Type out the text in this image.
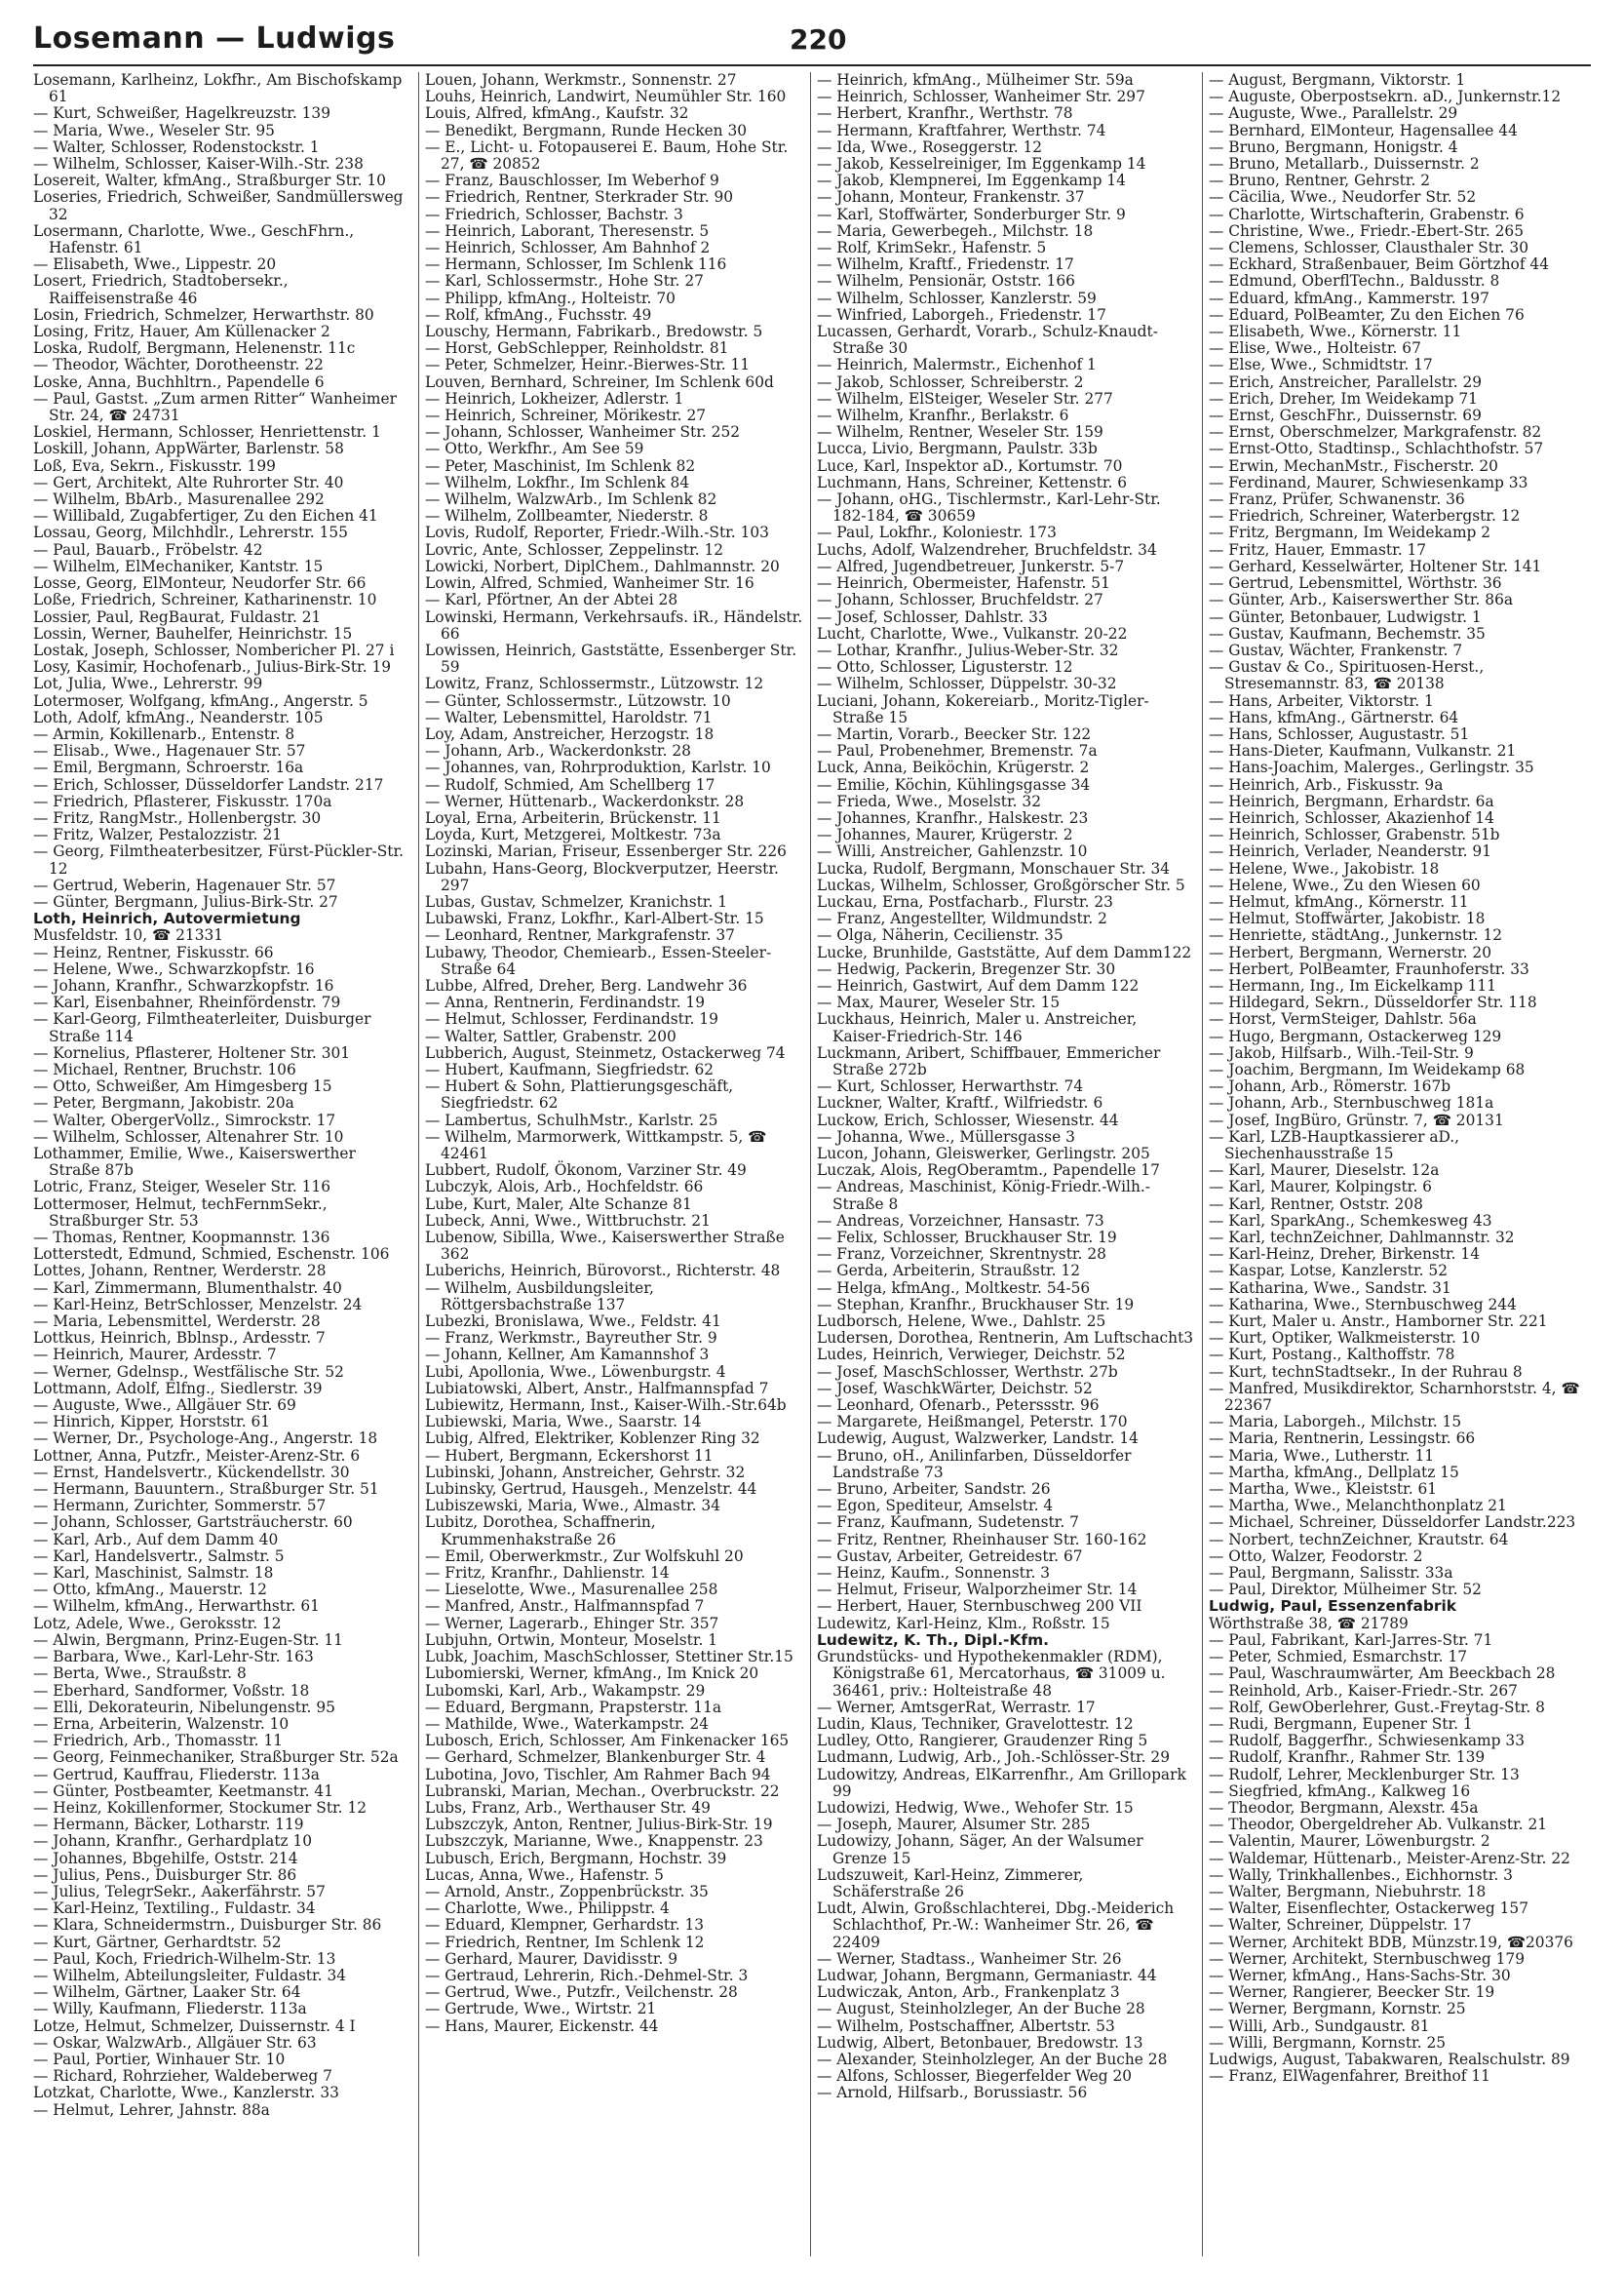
Losemann — Ludwigs	220
Losemann, Karlheinz, Lokfhr., Am Bischofskamp 61
— Kurt, Schweißer, Hagelkreuzstr. 139
— Maria, Wwe., Weseler Str. 95
— Walter, Schlosser, Rodenstockstr. 1
— Wilhelm, Schlosser, Kaiser-Wilh.-Str. 238
Losereit, Walter, kfmAng., Straßburger Str. 10
Loseries, Friedrich, Schweißer, Sandmüllersweg 32
Losermann, Charlotte, Wwe., GeschFhrn., Hafenstr. 61
— Elisabeth, Wwe., Lippestr. 20
Losert, Friedrich, Stadtobersekr., Raiffeisenstraße 46
Losin, Friedrich, Schmelzer, Herwarthstr. 80
Losing, Fritz, Hauer, Am Küllenacker 2
Loska, Rudolf, Bergmann, Helenenstr. 11c
— Theodor, Wächter, Dorotheenstr. 22
Loske, Anna, Buchhltrn., Papendelle 6
— Paul, Gastst. „Zum armen Ritter“ Wanheimer Str. 24, ☎ 24731
Loskiel, Hermann, Schlosser, Henriettenstr. 1
Loskill, Johann, AppWärter, Barlenstr. 58
Loß, Eva, Sekrn., Fiskusstr. 199
— Gert, Architekt, Alte Ruhrorter Str. 40
— Wilhelm, BbArb., Masurenallee 292
— Willibald, Zugabfertiger, Zu den Eichen 41
Lossau, Georg, Milchhdlr., Lehrerstr. 155
— Paul, Bauarb., Fröbelstr. 42
— Wilhelm, ElMechaniker, Kantstr. 15
Losse, Georg, ElMonteur, Neudorfer Str. 66
Loße, Friedrich, Schreiner, Katharinenstr. 10
Lossier, Paul, RegBaurat, Fuldastr. 21
Lossin, Werner, Bauhelfer, Heinrichstr. 15
Lostak, Joseph, Schlosser, Nombericher Pl. 27 i
Losy, Kasimir, Hochofenarb., Julius-Birk-Str. 19
Lot, Julia, Wwe., Lehrerstr. 99
Lotermoser, Wolfgang, kfmAng., Angerstr. 5
Loth, Adolf, kfmAng., Neanderstr. 105
— Armin, Kokillenarb., Entenstr. 8
— Elisab., Wwe., Hagenauer Str. 57
— Emil, Bergmann, Schroerstr. 16a
— Erich, Schlosser, Düsseldorfer Landstr. 217
— Friedrich, Pflasterer, Fiskusstr. 170a
— Fritz, RangMstr., Hollenbergstr. 30
— Fritz, Walzer, Pestalozzistr. 21
— Georg, Filmtheaterbesitzer, Fürst-Pückler-Str. 12
— Gertrud, Weberin, Hagenauer Str. 57
— Günter, Bergmann, Julius-Birk-Str. 27
Loth, Heinrich, Autovermietung
Musfeldstr. 10, ☎ 21331
— Heinz, Rentner, Fiskusstr. 66
— Helene, Wwe., Schwarzkopfstr. 16
— Johann, Kranfhr., Schwarzkopfstr. 16
— Karl, Eisenbahner, Rheinfördenstr. 79
— Karl-Georg, Filmtheaterleiter, Duisburger Straße 114
— Kornelius, Pflasterer, Holtener Str. 301
— Michael, Rentner, Bruchstr. 106
— Otto, Schweißer, Am Himgesberg 15
— Peter, Bergmann, Jakobistr. 20a
— Walter, ObergerVollz., Simrockstr. 17
— Wilhelm, Schlosser, Altenahrer Str. 10
Lothammer, Emilie, Wwe., Kaiserswerther Straße 87b
Lotric, Franz, Steiger, Weseler Str. 116
Lottermoser, Helmut, techFernmSekr., Straßburger Str. 53
— Thomas, Rentner, Koopmannstr. 136
Lotterstedt, Edmund, Schmied, Eschenstr. 106
Lottes, Johann, Rentner, Werderstr. 28
— Karl, Zimmermann, Blumenthalstr. 40
— Karl-Heinz, BetrSchlosser, Menzelstr. 24
— Maria, Lebensmittel, Werderstr. 28
Lottkus, Heinrich, Bblnsp., Ardesstr. 7
— Heinrich, Maurer, Ardesstr. 7
— Werner, Gdelnsp., Westfälische Str. 52
Lottmann, Adolf, Elfng., Siedlerstr. 39
— Auguste, Wwe., Allgäuer Str. 69
— Hinrich, Kipper, Horststr. 61
— Werner, Dr., Psychologe-Ang., Angerstr. 18
Lottner, Anna, Putzfr., Meister-Arenz-Str. 6
— Ernst, Handelsvertr., Kückendellstr. 30
— Hermann, Bauuntern., Straßburger Str. 51
— Hermann, Zurichter, Sommerstr. 57
— Johann, Schlosser, Gartsträucherstr. 60
— Karl, Arb., Auf dem Damm 40
— Karl, Handelsvertr., Salmstr. 5
— Karl, Maschinist, Salmstr. 18
— Otto, kfmAng., Mauerstr. 12
— Wilhelm, kfmAng., Herwarthstr. 61
Lotz, Adele, Wwe., Geroksstr. 12
— Alwin, Bergmann, Prinz-Eugen-Str. 11
— Barbara, Wwe., Karl-Lehr-Str. 163
— Berta, Wwe., Straußstr. 8
— Eberhard, Sandformer, Voßstr. 18
— Elli, Dekorateurin, Nibelungenstr. 95
— Erna, Arbeiterin, Walzenstr. 10
— Friedrich, Arb., Thomasstr. 11
— Georg, Feinmechaniker, Straßburger Str. 52a
— Gertrud, Kauffrau, Fliederstr. 113a
— Günter, Postbeamter, Keetmanstr. 41
— Heinz, Kokillenformer, Stockumer Str. 12
— Hermann, Bäcker, Lotharstr. 119
— Johann, Kranfhr., Gerhardplatz 10
— Johannes, Bbgehilfe, Oststr. 214
— Julius, Pens., Duisburger Str. 86
— Julius, TelegrSekr., Aakerfährstr. 57
— Karl-Heinz, Textiling., Fuldastr. 34
— Klara, Schneidermstrn., Duisburger Str. 86
— Kurt, Gärtner, Gerhardtstr. 52
— Paul, Koch, Friedrich-Wilhelm-Str. 13
— Wilhelm, Abteilungsleiter, Fuldastr. 34
— Wilhelm, Gärtner, Laaker Str. 64
— Willy, Kaufmann, Fliederstr. 113a
Lotze, Helmut, Schmelzer, Duissernstr. 4 I
— Oskar, WalzwArb., Allgäuer Str. 63
— Paul, Portier, Winhauer Str. 10
— Richard, Rohrzieher, Waldeberweg 7
Lotzkat, Charlotte, Wwe., Kanzlerstr. 33
— Helmut, Lehrer, Jahnstr. 88a
Louen, Johann, Werkmstr., Sonnenstr. 27
Louhs, Heinrich, Landwirt, Neumühler Str. 160
Louis, Alfred, kfmAng., Kaufstr. 32
— Benedikt, Bergmann, Runde Hecken 30
— E., Licht- u. Fotopauserei E. Baum, Hohe Str. 27, ☎ 20852
— Franz, Bauschlosser, Im Weberhof 9
— Friedrich, Rentner, Sterkrader Str. 90
— Friedrich, Schlosser, Bachstr. 3
— Heinrich, Laborant, Theresenstr. 5
— Heinrich, Schlosser, Am Bahnhof 2
— Hermann, Schlosser, Im Schlenk 116
— Karl, Schlossermstr., Hohe Str. 27
— Philipp, kfmAng., Holteistr. 70
— Rolf, kfmAng., Fuchsstr. 49
Louschy, Hermann, Fabrikarb., Bredowstr. 5
— Horst, GebSchlepper, Reinholdstr. 81
— Peter, Schmelzer, Heinr.-Bierwes-Str. 11
Louven, Bernhard, Schreiner, Im Schlenk 60d
— Heinrich, Lokheizer, Adlerstr. 1
— Heinrich, Schreiner, Mörikestr. 27
— Johann, Schlosser, Wanheimer Str. 252
— Otto, Werkfhr., Am See 59
— Peter, Maschinist, Im Schlenk 82
— Wilhelm, Lokfhr., Im Schlenk 84
— Wilhelm, WalzwArb., Im Schlenk 82
— Wilhelm, Zollbeamter, Niederstr. 8
Lovis, Rudolf, Reporter, Friedr.-Wilh.-Str. 103
Lovric, Ante, Schlosser, Zeppelinstr. 12
Lowicki, Norbert, DiplChem., Dahlmannstr. 20
Lowin, Alfred, Schmied, Wanheimer Str. 16
— Karl, Pförtner, An der Abtei 28
Lowinski, Hermann, Verkehrsaufs. iR., Händelstr. 66
Lowissen, Heinrich, Gaststätte, Essenberger Str. 59
Lowitz, Franz, Schlossermstr., Lützowstr. 12
— Günter, Schlossermstr., Lützowstr. 10
— Walter, Lebensmittel, Haroldstr. 71
Loy, Adam, Anstreicher, Herzogstr. 18
— Johann, Arb., Wackerdonkstr. 28
— Johannes, van, Rohrproduktion, Karlstr. 10
— Rudolf, Schmied, Am Schellberg 17
— Werner, Hüttenarb., Wackerdonkstr. 28
Loyal, Erna, Arbeiterin, Brückenstr. 11
Loyda, Kurt, Metzgerei, Moltkestr. 73a
Lozinski, Marian, Friseur, Essenberger Str. 226
Lubahn, Hans-Georg, Blockverputzer, Heerstr. 297
Lubas, Gustav, Schmelzer, Kranichstr. 1
Lubawski, Franz, Lokfhr., Karl-Albert-Str. 15
— Leonhard, Rentner, Markgrafenstr. 37
Lubawy, Theodor, Chemiearb., Essen-Steeler-Straße 64
Lubbe, Alfred, Dreher, Berg. Landwehr 36
— Anna, Rentnerin, Ferdinandstr. 19
— Helmut, Schlosser, Ferdinandstr. 19
— Walter, Sattler, Grabenstr. 200
Lubberich, August, Steinmetz, Ostackerweg 74
— Hubert, Kaufmann, Siegfriedstr. 62
— Hubert & Sohn, Plattierungsgeschäft, Siegfriedstr. 62
— Lambertus, SchulhMstr., Karlstr. 25
— Wilhelm, Marmorwerk, Wittkampstr. 5, ☎ 42461
Lubbert, Rudolf, Ökonom, Varziner Str. 49
Lubczyk, Alois, Arb., Hochfeldstr. 66
Lube, Kurt, Maler, Alte Schanze 81
Lubeck, Anni, Wwe., Wittbruchstr. 21
Lubenow, Sibilla, Wwe., Kaiserswerther Straße 362
Luberichs, Heinrich, Bürovorst., Richterstr. 48
— Wilhelm, Ausbildungsleiter, Röttgersbachstraße 137
Lubezki, Bronislawa, Wwe., Feldstr. 41
— Franz, Werkmstr., Bayreuther Str. 9
— Johann, Kellner, Am Kamannshof 3
Lubi, Apollonia, Wwe., Löwenburgstr. 4
Lubiatowski, Albert, Anstr., Halfmannspfad 7
Lubiewitz, Hermann, Inst., Kaiser-Wilh.-Str.64b
Lubiewski, Maria, Wwe., Saarstr. 14
Lubig, Alfred, Elektriker, Koblenzer Ring 32
— Hubert, Bergmann, Eckershorst 11
Lubinski, Johann, Anstreicher, Gehrstr. 32
Lubinsky, Gertrud, Hausgeh., Menzelstr. 44
Lubiszewski, Maria, Wwe., Almastr. 34
Lubitz, Dorothea, Schaffnerin, Krummenhakstraße 26
— Emil, Oberwerkmstr., Zur Wolfskuhl 20
— Fritz, Kranfhr., Dahlienstr. 14
— Lieselotte, Wwe., Masurenallee 258
— Manfred, Anstr., Halfmannspfad 7
— Werner, Lagerarb., Ehinger Str. 357
Lubjuhn, Ortwin, Monteur, Moselstr. 1
Lubk, Joachim, MaschSchlosser, Stettiner Str.15
Lubomierski, Werner, kfmAng., Im Knick 20
Lubomski, Karl, Arb., Wakampstr. 29
— Eduard, Bergmann, Prapsterstr. 11a
— Mathilde, Wwe., Waterkampstr. 24
Lubosch, Erich, Schlosser, Am Finkenacker 165
— Gerhard, Schmelzer, Blankenburger Str. 4
Lubotina, Jovo, Tischler, Am Rahmer Bach 94
Lubranski, Marian, Mechan., Overbruckstr. 22
Lubs, Franz, Arb., Werthauser Str. 49
Lubszczyk, Anton, Rentner, Julius-Birk-Str. 19
Lubszczyk, Marianne, Wwe., Knappenstr. 23
Lubusch, Erich, Bergmann, Hochstr. 39
Lucas, Anna, Wwe., Hafenstr. 5
— Arnold, Anstr., Zoppenbrückstr. 35
— Charlotte, Wwe., Philippstr. 4
— Eduard, Klempner, Gerhardstr. 13
— Friedrich, Rentner, Im Schlenk 12
— Gerhard, Maurer, Davidisstr. 9
— Gertraud, Lehrerin, Rich.-Dehmel-Str. 3
— Gertrud, Wwe., Putzfr., Veilchenstr. 28
— Gertrude, Wwe., Wirtstr. 21
— Hans, Maurer, Eickenstr. 44
— Heinrich, kfmAng., Mülheimer Str. 59a
— Heinrich, Schlosser, Wanheimer Str. 297
— Herbert, Kranfhr., Werthstr. 78
— Hermann, Kraftfahrer, Werthstr. 74
— Ida, Wwe., Roseggerstr. 12
— Jakob, Kesselreiniger, Im Eggenkamp 14
— Jakob, Klempnerei, Im Eggenkamp 14
— Johann, Monteur, Frankenstr. 37
— Karl, Stoffwärter, Sonderburger Str. 9
— Maria, Gewerbegeh., Milchstr. 18
— Rolf, KrimSekr., Hafenstr. 5
— Wilhelm, Kraftf., Friedenstr. 17
— Wilhelm, Pensionär, Oststr. 166
— Wilhelm, Schlosser, Kanzlerstr. 59
— Winfried, Laborgeh., Friedenstr. 17
Lucassen, Gerhardt, Vorarb., Schulz-Knaudt-Straße 30
— Heinrich, Malermstr., Eichenhof 1
— Jakob, Schlosser, Schreiberstr. 2
— Wilhelm, ElSteiger, Weseler Str. 277
— Wilhelm, Kranfhr., Berlakstr. 6
— Wilhelm, Rentner, Weseler Str. 159
Lucca, Livio, Bergmann, Paulstr. 33b
Luce, Karl, Inspektor aD., Kortumstr. 70
Luchmann, Hans, Schreiner, Kettenstr. 6
— Johann, oHG., Tischlermstr., Karl-Lehr-Str. 182-184, ☎ 30659
— Paul, Lokfhr., Koloniestr. 173
Luchs, Adolf, Walzendreher, Bruchfeldstr. 34
— Alfred, Jugendbetreuer, Junkerstr. 5-7
— Heinrich, Obermeister, Hafenstr. 51
— Johann, Schlosser, Bruchfeldstr. 27
— Josef, Schlosser, Dahlstr. 33
Lucht, Charlotte, Wwe., Vulkanstr. 20-22
— Lothar, Kranfhr., Julius-Weber-Str. 32
— Otto, Schlosser, Ligusterstr. 12
— Wilhelm, Schlosser, Düppelstr. 30-32
Luciani, Johann, Kokereiarb., Moritz-Tigler-Straße 15
— Martin, Vorarb., Beecker Str. 122
— Paul, Probenehmer, Bremenstr. 7a
Luck, Anna, Beiköchin, Krügerstr. 2
— Emilie, Köchin, Kühlingsgasse 34
— Frieda, Wwe., Moselstr. 32
— Johannes, Kranfhr., Halskestr. 23
— Johannes, Maurer, Krügerstr. 2
— Willi, Anstreicher, Gahlenzstr. 10
Lucka, Rudolf, Bergmann, Monschauer Str. 34
Luckas, Wilhelm, Schlosser, Großgörscher Str. 5
Luckau, Erna, Postfacharb., Flurstr. 23
— Franz, Angestellter, Wildmundstr. 2
— Olga, Näherin, Cecilienstr. 35
Lucke, Brunhilde, Gaststätte, Auf dem Damm122
— Hedwig, Packerin, Bregenzer Str. 30
— Heinrich, Gastwirt, Auf dem Damm 122
— Max, Maurer, Weseler Str. 15
Luckhaus, Heinrich, Maler u. Anstreicher, Kaiser-Friedrich-Str. 146
Luckmann, Aribert, Schiffbauer, Emmericher Straße 272b
— Kurt, Schlosser, Herwarthstr. 74
Luckner, Walter, Kraftf., Wilfriedstr. 6
Luckow, Erich, Schlosser, Wiesenstr. 44
— Johanna, Wwe., Müllersgasse 3
Lucon, Johann, Gleiswerker, Gerlingstr. 205
Luczak, Alois, RegOberamtm., Papendelle 17
— Andreas, Maschinist, König-Friedr.-Wilh.-Straße 8
— Andreas, Vorzeichner, Hansastr. 73
— Felix, Schlosser, Bruckhauser Str. 19
— Franz, Vorzeichner, Skrentnystr. 28
— Gerda, Arbeiterin, Straußstr. 12
— Helga, kfmAng., Moltkestr. 54-56
— Stephan, Kranfhr., Bruckhauser Str. 19
Ludborsch, Helene, Wwe., Dahlstr. 25
Ludersen, Dorothea, Rentnerin, Am Luftschacht3
Ludes, Heinrich, Verwieger, Deichstr. 52
— Josef, MaschSchlosser, Werthstr. 27b
— Josef, WaschkWärter, Deichstr. 52
— Leonhard, Ofenarb., Peterssstr. 96
— Margarete, Heißmangel, Peterstr. 170
Ludewig, August, Walzwerker, Landstr. 14
— Bruno, oH., Anilinfarben, Düsseldorfer Landstraße 73
— Bruno, Arbeiter, Sandstr. 26
— Egon, Spediteur, Amselstr. 4
— Franz, Kaufmann, Sudetenstr. 7
— Fritz, Rentner, Rheinhauser Str. 160-162
— Gustav, Arbeiter, Getreidestr. 67
— Heinz, Kaufm., Sonnenstr. 3
— Helmut, Friseur, Walporzheimer Str. 14
— Herbert, Hauer, Sternbuschweg 200 VII
Ludewitz, Karl-Heinz, Klm., Roßstr. 15
Ludewitz, K. Th., Dipl.-Kfm.
Grundstücks- und Hypothekenmakler (RDM), Königstraße 61, Mercatorhaus, ☎ 31009 u. 36461, priv.: Holteistraße 48
— Werner, AmtsgerRat, Werrastr. 17
Ludin, Klaus, Techniker, Gravelottestr. 12
Ludley, Otto, Rangierer, Graudenzer Ring 5
Ludmann, Ludwig, Arb., Joh.-Schlösser-Str. 29
Ludowitzy, Andreas, ElKarrenfhr., Am Grillopark 99
Ludowizi, Hedwig, Wwe., Wehofer Str. 15
— Joseph, Maurer, Alsumer Str. 285
Ludowizy, Johann, Säger, An der Walsumer Grenze 15
Ludszuweit, Karl-Heinz, Zimmerer, Schäferstraße 26
Ludt, Alwin, Großschlachterei, Dbg.-Meiderich Schlachthof, Pr.-W.: Wanheimer Str. 26, ☎ 22409
— Werner, Stadtass., Wanheimer Str. 26
Ludwar, Johann, Bergmann, Germaniastr. 44
Ludwiczak, Anton, Arb., Frankenplatz 3
— August, Steinholzleger, An der Buche 28
— Wilhelm, Postschaffner, Albertstr. 53
Ludwig, Albert, Betonbauer, Bredowstr. 13
— Alexander, Steinholzleger, An der Buche 28
— Alfons, Schlosser, Biegerfelder Weg 20
— Arnold, Hilfsarb., Borussiastr. 56
— August, Bergmann, Viktorstr. 1
— Auguste, Oberpostsekrn. aD., Junkernstr.12
— Auguste, Wwe., Parallelstr. 29
— Bernhard, ElMonteur, Hagensallee 44
— Bruno, Bergmann, Honigstr. 4
— Bruno, Metallarb., Duissernstr. 2
— Bruno, Rentner, Gehrstr. 2
— Cäcilia, Wwe., Neudorfer Str. 52
— Charlotte, Wirtschafterin, Grabenstr. 6
— Christine, Wwe., Friedr.-Ebert-Str. 265
— Clemens, Schlosser, Clausthaler Str. 30
— Eckhard, Straßenbauer, Beim Görtzhof 44
— Edmund, OberflTechn., Baldusstr. 8
— Eduard, kfmAng., Kammerstr. 197
— Eduard, PolBeamter, Zu den Eichen 76
— Elisabeth, Wwe., Körnerstr. 11
— Elise, Wwe., Holteistr. 67
— Else, Wwe., Schmidtstr. 17
— Erich, Anstreicher, Parallelstr. 29
— Erich, Dreher, Im Weidekamp 71
— Ernst, GeschFhr., Duissernstr. 69
— Ernst, Oberschmelzer, Markgrafenstr. 82
— Ernst-Otto, Stadtinsp., Schlachthofstr. 57
— Erwin, MechanMstr., Fischerstr. 20
— Ferdinand, Maurer, Schwiesenkamp 33
— Franz, Prüfer, Schwanenstr. 36
— Friedrich, Schreiner, Waterbergstr. 12
— Fritz, Bergmann, Im Weidekamp 2
— Fritz, Hauer, Emmastr. 17
— Gerhard, Kesselwärter, Holtener Str. 141
— Gertrud, Lebensmittel, Wörthstr. 36
— Günter, Arb., Kaiserswerther Str. 86a
— Günter, Betonbauer, Ludwigstr. 1
— Gustav, Kaufmann, Bechemstr. 35
— Gustav, Wächter, Frankenstr. 7
— Gustav & Co., Spirituosen-Herst., Stresemannstr. 83, ☎ 20138
— Hans, Arbeiter, Viktorstr. 1
— Hans, kfmAng., Gärtnerstr. 64
— Hans, Schlosser, Augustastr. 51
— Hans-Dieter, Kaufmann, Vulkanstr. 21
— Hans-Joachim, Malerges., Gerlingstr. 35
— Heinrich, Arb., Fiskusstr. 9a
— Heinrich, Bergmann, Erhardstr. 6a
— Heinrich, Schlosser, Akazienhof 14
— Heinrich, Schlosser, Grabenstr. 51b
— Heinrich, Verlader, Neanderstr. 91
— Helene, Wwe., Jakobistr. 18
— Helene, Wwe., Zu den Wiesen 60
— Helmut, kfmAng., Körnerstr. 11
— Helmut, Stoffwärter, Jakobistr. 18
— Henriette, städtAng., Junkernstr. 12
— Herbert, Bergmann, Wernerstr. 20
— Herbert, PolBeamter, Fraunhoferstr. 33
— Hermann, Ing., Im Eickelkamp 111
— Hildegard, Sekrn., Düsseldorfer Str. 118
— Horst, VermSteiger, Dahlstr. 56a
— Hugo, Bergmann, Ostackerweg 129
— Jakob, Hilfsarb., Wilh.-Teil-Str. 9
— Joachim, Bergmann, Im Weidekamp 68
— Johann, Arb., Römerstr. 167b
— Johann, Arb., Sternbuschweg 181a
— Josef, IngBüro, Grünstr. 7, ☎ 20131
— Karl, LZB-Hauptkassierer aD., Siechenhausstraße 15
— Karl, Maurer, Dieselstr. 12a
— Karl, Maurer, Kolpingstr. 6
— Karl, Rentner, Oststr. 208
— Karl, SparkAng., Schemkesweg 43
— Karl, technZeichner, Dahlmannstr. 32
— Karl-Heinz, Dreher, Birkenstr. 14
— Kaspar, Lotse, Kanzlerstr. 52
— Katharina, Wwe., Sandstr. 31
— Katharina, Wwe., Sternbuschweg 244
— Kurt, Maler u. Anstr., Hamborner Str. 221
— Kurt, Optiker, Walkmeisterstr. 10
— Kurt, Postang., Kalthoffstr. 78
— Kurt, technStadtsekr., In der Ruhrau 8
— Manfred, Musikdirektor, Scharnhorststr. 4, ☎ 22367
— Maria, Laborgeh., Milchstr. 15
— Maria, Rentnerin, Lessingstr. 66
— Maria, Wwe., Lutherstr. 11
— Martha, kfmAng., Dellplatz 15
— Martha, Wwe., Kleiststr. 61
— Martha, Wwe., Melanchthonplatz 21
— Michael, Schreiner, Düsseldorfer Landstr.223
— Norbert, technZeichner, Krautstr. 64
— Otto, Walzer, Feodorstr. 2
— Paul, Bergmann, Salisstr. 33a
— Paul, Direktor, Mülheimer Str. 52
Ludwig, Paul, Essenzenfabrik
Wörthstraße 38, ☎ 21789
— Paul, Fabrikant, Karl-Jarres-Str. 71
— Peter, Schmied, Esmarchstr. 17
— Paul, Waschraumwärter, Am Beeckbach 28
— Reinhold, Arb., Kaiser-Friedr.-Str. 267
— Rolf, GewOberlehrer, Gust.-Freytag-Str. 8
— Rudi, Bergmann, Eupener Str. 1
— Rudolf, Baggerfhr., Schwiesenkamp 33
— Rudolf, Kranfhr., Rahmer Str. 139
— Rudolf, Lehrer, Mecklenburger Str. 13
— Siegfried, kfmAng., Kalkweg 16
— Theodor, Bergmann, Alexstr. 45a
— Theodor, Obergeldreher Ab. Vulkanstr. 21
— Valentin, Maurer, Löwenburgstr. 2
— Waldemar, Hüttenarb., Meister-Arenz-Str. 22
— Wally, Trinkhallenbes., Eichhornstr. 3
— Walter, Bergmann, Niebuhrstr. 18
— Walter, Eisenflechter, Ostackerweg 157
— Walter, Schreiner, Düppelstr. 17
— Werner, Architekt BDB, Münzstr.19, ☎20376
— Werner, Architekt, Sternbuschweg 179
— Werner, kfmAng., Hans-Sachs-Str. 30
— Werner, Rangierer, Beecker Str. 19
— Werner, Bergmann, Kornstr. 25
— Willi, Arb., Sundgaustr. 81
— Willi, Bergmann, Kornstr. 25
Ludwigs, August, Tabakwaren, Realschulstr. 89
— Franz, ElWagenfahrer, Breithof 11
